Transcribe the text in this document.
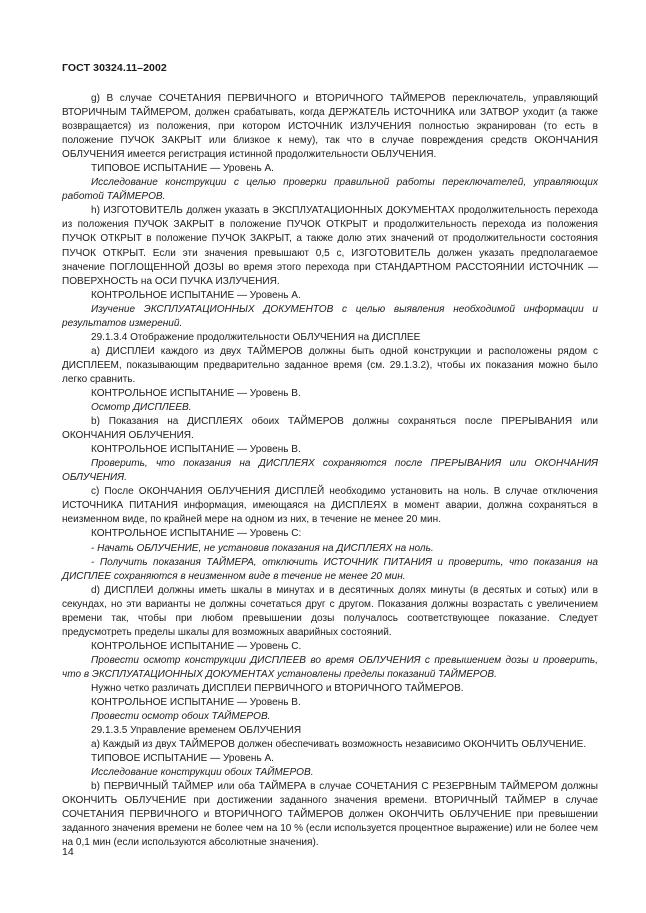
ГОСТ 30324.11–2002

g) В случае СОЧЕТАНИЯ ПЕРВИЧНОГО и ВТОРИЧНОГО ТАЙМЕРОВ переключатель, управляющий ВТОРИЧНЫМ ТАЙМЕРОМ, должен срабатывать, когда ДЕРЖАТЕЛЬ ИСТОЧНИКА или ЗАТВОР уходит (а также возвращается) из положения, при котором ИСТОЧНИК ИЗЛУЧЕНИЯ полностью экранирован (то есть в положение ПУЧОК ЗАКРЫТ или близкое к нему), так что в случае повреждения средств ОКОНЧАНИЯ ОБЛУЧЕНИЯ имеется регистрация истинной продолжительности ОБЛУЧЕНИЯ.

ТИПОВОЕ ИСПЫТАНИЕ — Уровень А.

Исследование конструкции с целью проверки правильной работы переключателей, управляющих работой ТАЙМЕРОВ.

h) ИЗГОТОВИТЕЛЬ должен указать в ЭКСПЛУАТАЦИОННЫХ ДОКУМЕНТАХ продолжительность перехода из положения ПУЧОК ЗАКРЫТ в положение ПУЧОК ОТКРЫТ и продолжительность перехода из положения ПУЧОК ОТКРЫТ в положение ПУЧОК ЗАКРЫТ, а также долю этих значений от продолжительности состояния ПУЧОК ОТКРЫТ. Если эти значения превышают 0,5 с, ИЗГОТОВИТЕЛЬ должен указать предполагаемое значение ПОГЛОЩЕННОЙ ДОЗЫ во время этого перехода при СТАНДАРТНОМ РАССТОЯНИИ ИСТОЧНИК — ПОВЕРХНОСТЬ на ОСИ ПУЧКА ИЗЛУЧЕНИЯ.

КОНТРОЛЬНОЕ ИСПЫТАНИЕ — Уровень А.

Изучение ЭКСПЛУАТАЦИОННЫХ ДОКУМЕНТОВ с целью выявления необходимой информации и результатов измерений.

29.1.3.4 Отображение продолжительности ОБЛУЧЕНИЯ на ДИСПЛЕЕ

а) ДИСПЛЕИ каждого из двух ТАЙМЕРОВ должны быть одной конструкции и расположены рядом с ДИСПЛЕЕМ, показывающим предварительно заданное время (см. 29.1.3.2), чтобы их показания можно было легко сравнить.

КОНТРОЛЬНОЕ ИСПЫТАНИЕ — Уровень В.

Осмотр ДИСПЛЕЕВ.

b) Показания на ДИСПЛЕЯХ обоих ТАЙМЕРОВ должны сохраняться после ПРЕРЫВАНИЯ или ОКОНЧАНИЯ ОБЛУЧЕНИЯ.

КОНТРОЛЬНОЕ ИСПЫТАНИЕ — Уровень В.

Проверить, что показания на ДИСПЛЕЯХ сохраняются после ПРЕРЫВАНИЯ или ОКОНЧАНИЯ ОБЛУЧЕНИЯ.

с) После ОКОНЧАНИЯ ОБЛУЧЕНИЯ ДИСПЛЕЙ необходимо установить на ноль. В случае отключения ИСТОЧНИКА ПИТАНИЯ информация, имеющаяся на ДИСПЛЕЯХ в момент аварии, должна сохраняться в неизменном виде, по крайней мере на одном из них, в течение не менее 20 мин.

КОНТРОЛЬНОЕ ИСПЫТАНИЕ — Уровень С:

- Начать ОБЛУЧЕНИЕ, не установив показания на ДИСПЛЕЯХ на ноль.

- Получить показания ТАЙМЕРА, отключить ИСТОЧНИК ПИТАНИЯ и проверить, что показания на ДИСПЛЕЕ сохраняются в неизменном виде в течение не менее 20 мин.

d) ДИСПЛЕИ должны иметь шкалы в минутах и в десятичных долях минуты (в десятых и сотых) или в секундах, но эти варианты не должны сочетаться друг с другом. Показания должны возрастать с увеличением времени так, чтобы при любом превышении дозы получалось соответствующее показание. Следует предусмотреть пределы шкалы для возможных аварийных состояний.

КОНТРОЛЬНОЕ ИСПЫТАНИЕ — Уровень С.

Провести осмотр конструкции ДИСПЛЕЕВ во время ОБЛУЧЕНИЯ с превышением дозы и проверить, что в ЭКСПЛУАТАЦИОННЫХ ДОКУМЕНТАХ установлены пределы показаний ТАЙМЕРОВ.

Нужно четко различать ДИСПЛЕИ ПЕРВИЧНОГО и ВТОРИЧНОГО ТАЙМЕРОВ.

КОНТРОЛЬНОЕ ИСПЫТАНИЕ — Уровень В.

Провести осмотр обоих ТАЙМЕРОВ.

29.1.3.5 Управление временем ОБЛУЧЕНИЯ

а) Каждый из двух ТАЙМЕРОВ должен обеспечивать возможность независимо ОКОНЧИТЬ ОБЛУЧЕНИЕ.

ТИПОВОЕ ИСПЫТАНИЕ — Уровень А.

Исследование конструкции обоих ТАЙМЕРОВ.

b) ПЕРВИЧНЫЙ ТАЙМЕР или оба ТАЙМЕРА в случае СОЧЕТАНИЯ С РЕЗЕРВНЫМ ТАЙМЕРОМ должны ОКОНЧИТЬ ОБЛУЧЕНИЕ при достижении заданного значения времени. ВТОРИЧНЫЙ ТАЙМЕР в случае СОЧЕТАНИЯ ПЕРВИЧНОГО и ВТОРИЧНОГО ТАЙМЕРОВ должен ОКОНЧИТЬ ОБЛУЧЕНИЕ при превышении заданного значения времени не более чем на 10 % (если используется процентное выражение) или не более чем на 0,1 мин (если используются абсолютные значения).

14
